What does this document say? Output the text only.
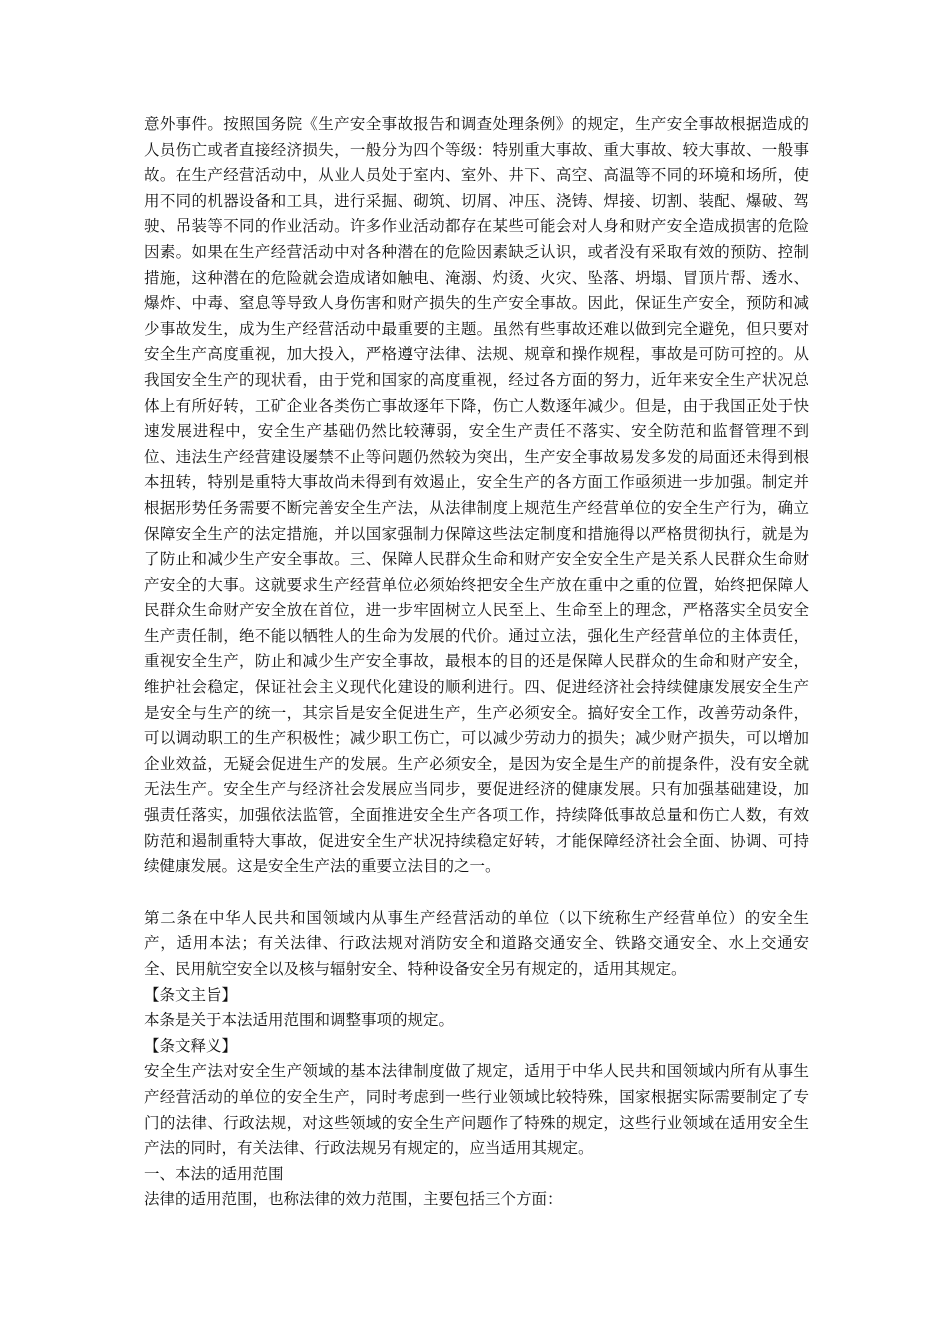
意外事件。按照国务院《生产安全事故报告和调查处理条例》的规定，生产安全事故根据造成的人员伤亡或者直接经济损失，一般分为四个等级：特别重大事故、重大事故、较大事故、一般事故。在生产经营活动中，从业人员处于室内、室外、井下、高空、高温等不同的环境和场所，使用不同的机器设备和工具，进行采掘、砌筑、切屑、冲压、浇铸、焊接、切割、装配、爆破、驾驶、吊装等不同的作业活动。许多作业活动都存在某些可能会对人身和财产安全造成损害的危险因素。如果在生产经营活动中对各种潜在的危险因素缺乏认识，或者没有采取有效的预防、控制措施，这种潜在的危险就会造成诸如触电、淹溺、灼烫、火灾、坠落、坍塌、冒顶片帮、透水、爆炸、中毒、窒息等导致人身伤害和财产损失的生产安全事故。因此，保证生产安全，预防和减少事故发生，成为生产经营活动中最重要的主题。虽然有些事故还难以做到完全避免，但只要对安全生产高度重视，加大投入，严格遵守法律、法规、规章和操作规程，事故是可防可控的。从我国安全生产的现状看，由于党和国家的高度重视，经过各方面的努力，近年来安全生产状况总体上有所好转，工矿企业各类伤亡事故逐年下降，伤亡人数逐年减少。但是，由于我国正处于快速发展进程中，安全生产基础仍然比较薄弱，安全生产责任不落实、安全防范和监督管理不到位、违法生产经营建设屡禁不止等问题仍然较为突出，生产安全事故易发多发的局面还未得到根本扭转，特别是重特大事故尚未得到有效遏止，安全生产的各方面工作亟须进一步加强。制定并根据形势任务需要不断完善安全生产法，从法律制度上规范生产经营单位的安全生产行为，确立保障安全生产的法定措施，并以国家强制力保障这些法定制度和措施得以严格贯彻执行，就是为了防止和减少生产安全事故。三、保障人民群众生命和财产安全安全生产是关系人民群众生命财产安全的大事。这就要求生产经营单位必须始终把安全生产放在重中之重的位置，始终把保障人民群众生命财产安全放在首位，进一步牢固树立人民至上、生命至上的理念，严格落实全员安全生产责任制，绝不能以牺牲人的生命为发展的代价。通过立法，强化生产经营单位的主体责任，重视安全生产，防止和减少生产安全事故，最根本的目的还是保障人民群众的生命和财产安全，维护社会稳定，保证社会主义现代化建设的顺利进行。四、促进经济社会持续健康发展安全生产是安全与生产的统一，其宗旨是安全促进生产，生产必须安全。搞好安全工作，改善劳动条件，可以调动职工的生产积极性；减少职工伤亡，可以减少劳动力的损失；减少财产损失，可以增加企业效益，无疑会促进生产的发展。生产必须安全，是因为安全是生产的前提条件，没有安全就无法生产。安全生产与经济社会发展应当同步，要促进经济的健康发展。只有加强基础建设，加强责任落实，加强依法监管，全面推进安全生产各项工作，持续降低事故总量和伤亡人数，有效防范和遏制重特大事故，促进安全生产状况持续稳定好转，才能保障经济社会全面、协调、可持续健康发展。这是安全生产法的重要立法目的之一。

第二条在中华人民共和国领域内从事生产经营活动的单位（以下统称生产经营单位）的安全生产，适用本法；有关法律、行政法规对消防安全和道路交通安全、铁路交通安全、水上交通安全、民用航空安全以及核与辐射安全、特种设备安全另有规定的，适用其规定。

【条文主旨】

本条是关于本法适用范围和调整事项的规定。

【条文释义】

安全生产法对安全生产领域的基本法律制度做了规定，适用于中华人民共和国领域内所有从事生产经营活动的单位的安全生产，同时考虑到一些行业领域比较特殊，国家根据实际需要制定了专门的法律、行政法规，对这些领域的安全生产问题作了特殊的规定，这些行业领域在适用安全生产法的同时，有关法律、行政法规另有规定的，应当适用其规定。

一、本法的适用范围

法律的适用范围，也称法律的效力范围，主要包括三个方面：
